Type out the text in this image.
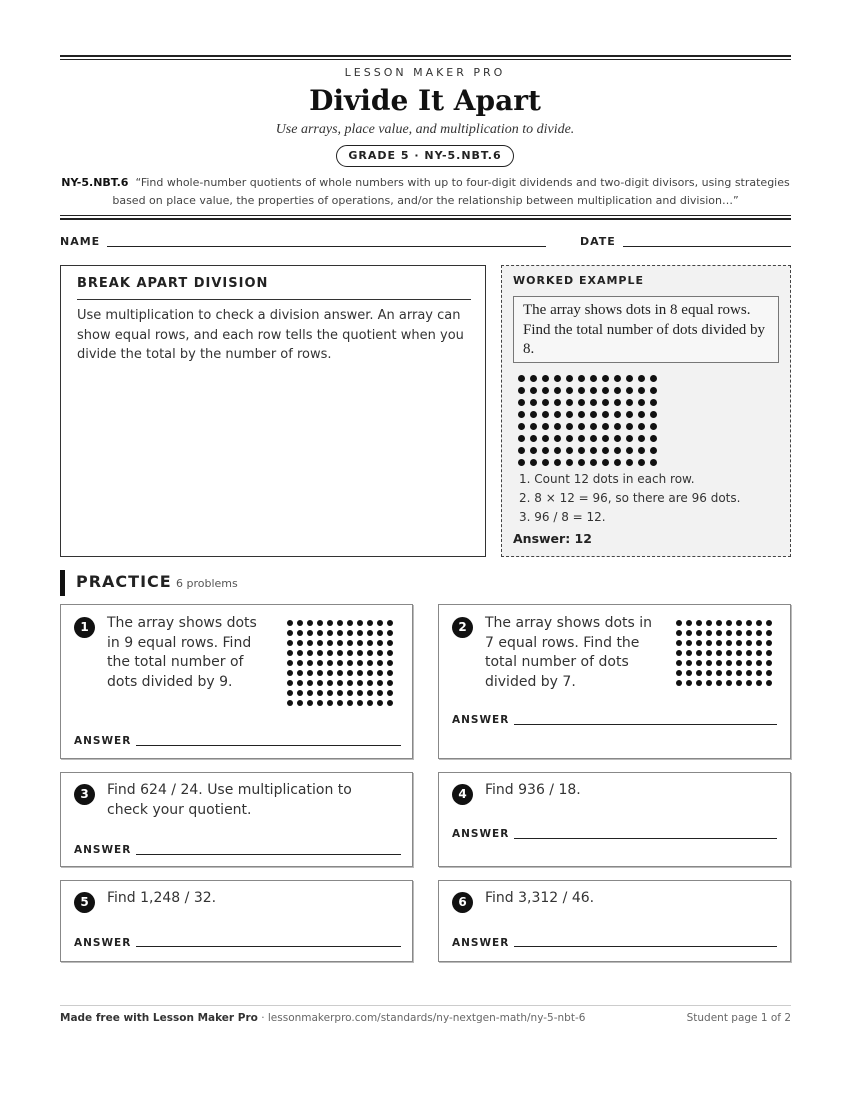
LESSON MAKER PRO
Divide It Apart
Use arrays, place value, and multiplication to divide.
GRADE 5 · NY-5.NBT.6
NY-5.NBT.6 “Find whole-number quotients of whole numbers with up to four-digit dividends and two-digit divisors, using strategies
based on place value, the properties of operations, and/or the relationship between multiplication and division…”
NAME	DATE
BREAK APART DIVISION
Use multiplication to check a division answer. An array can show equal rows, and each row tells the quotient when you divide the total by the number of rows.
WORKED EXAMPLE
The array shows dots in 8 equal rows. Find the total number of dots divided by 8.
1. Count 12 dots in each row.
2. 8 × 12 = 96, so there are 96 dots.
3. 96 / 8 = 12.
Answer: 12
PRACTICE 6 problems
1	The array shows dots in 9 equal rows. Find the total number of dots divided by 9.
ANSWER
2	The array shows dots in 7 equal rows. Find the total number of dots divided by 7.
ANSWER
3	Find 624 / 24. Use multiplication to check your quotient.
ANSWER
4	Find 936 / 18.
ANSWER
5	Find 1,248 / 32.
ANSWER
6	Find 3,312 / 46.
ANSWER
Made free with Lesson Maker Pro · lessonmakerpro.com/standards/ny-nextgen-math/ny-5-nbt-6	Student page 1 of 2
